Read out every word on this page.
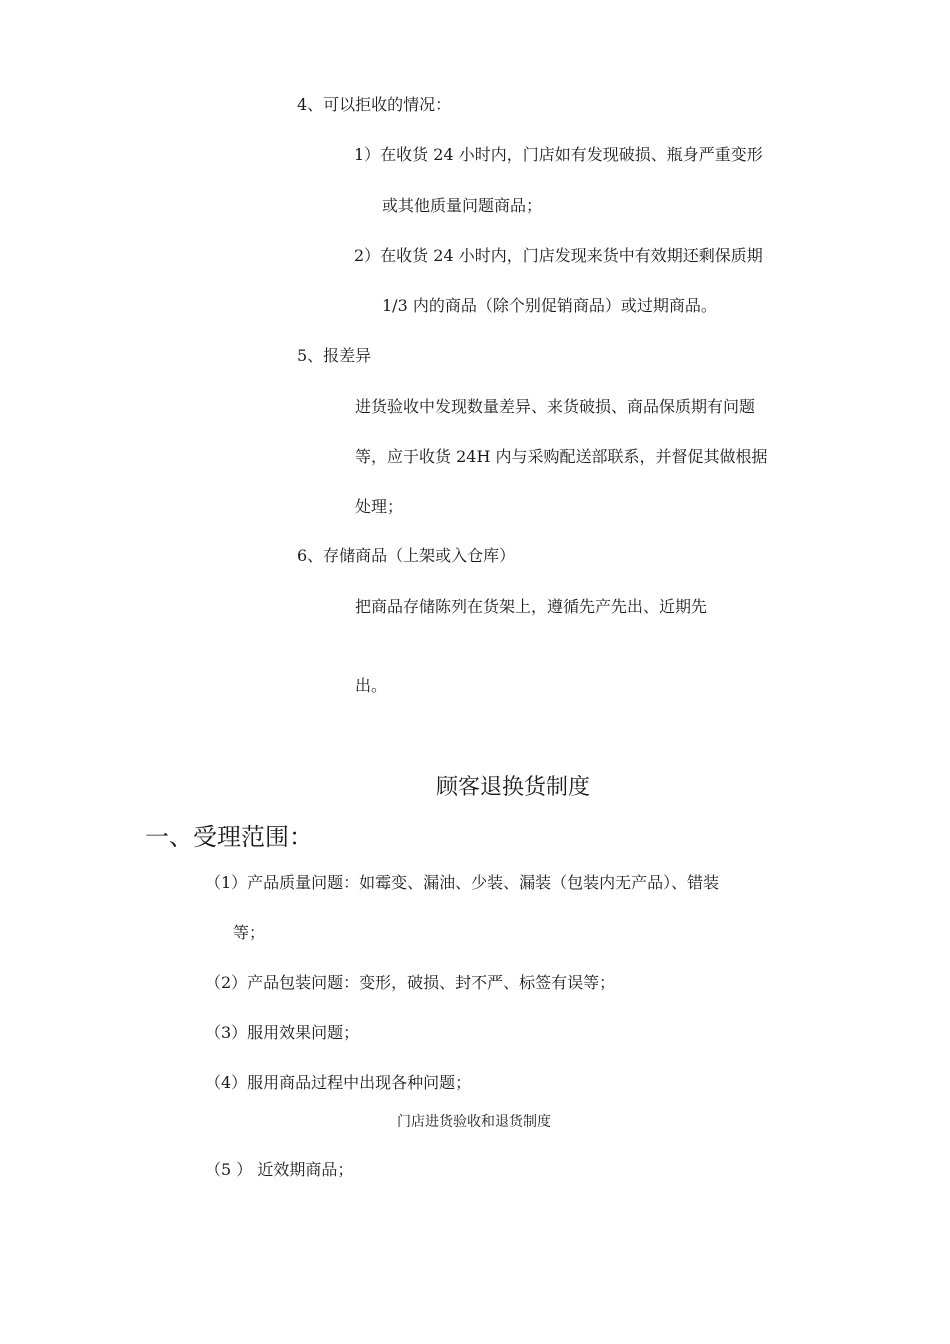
4、可以拒收的情况：
1）在收货 24 小时内，门店如有发现破损、瓶身严重变形
或其他质量问题商品；
2）在收货 24 小时内，门店发现来货中有效期还剩保质期
1/3 内的商品（除个别促销商品）或过期商品。
5、报差异
进货验收中发现数量差异、来货破损、商品保质期有问题
等，应于收货 24H 内与采购配送部联系，并督促其做根据
处理；
6、存储商品（上架或入仓库）
把商品存储陈列在货架上，遵循先产先出、近期先
出。
顾客退换货制度
一、受理范围：
（1）产品质量问题：如霉变、漏油、少装、漏装（包装内无产品）、错装
等；
（2）产品包装问题：变形，破损、封不严、标签有误等；
（3）服用效果问题；
（4）服用商品过程中出现各种问题；
门店进货验收和退货制度
（5 ） 近效期商品；
